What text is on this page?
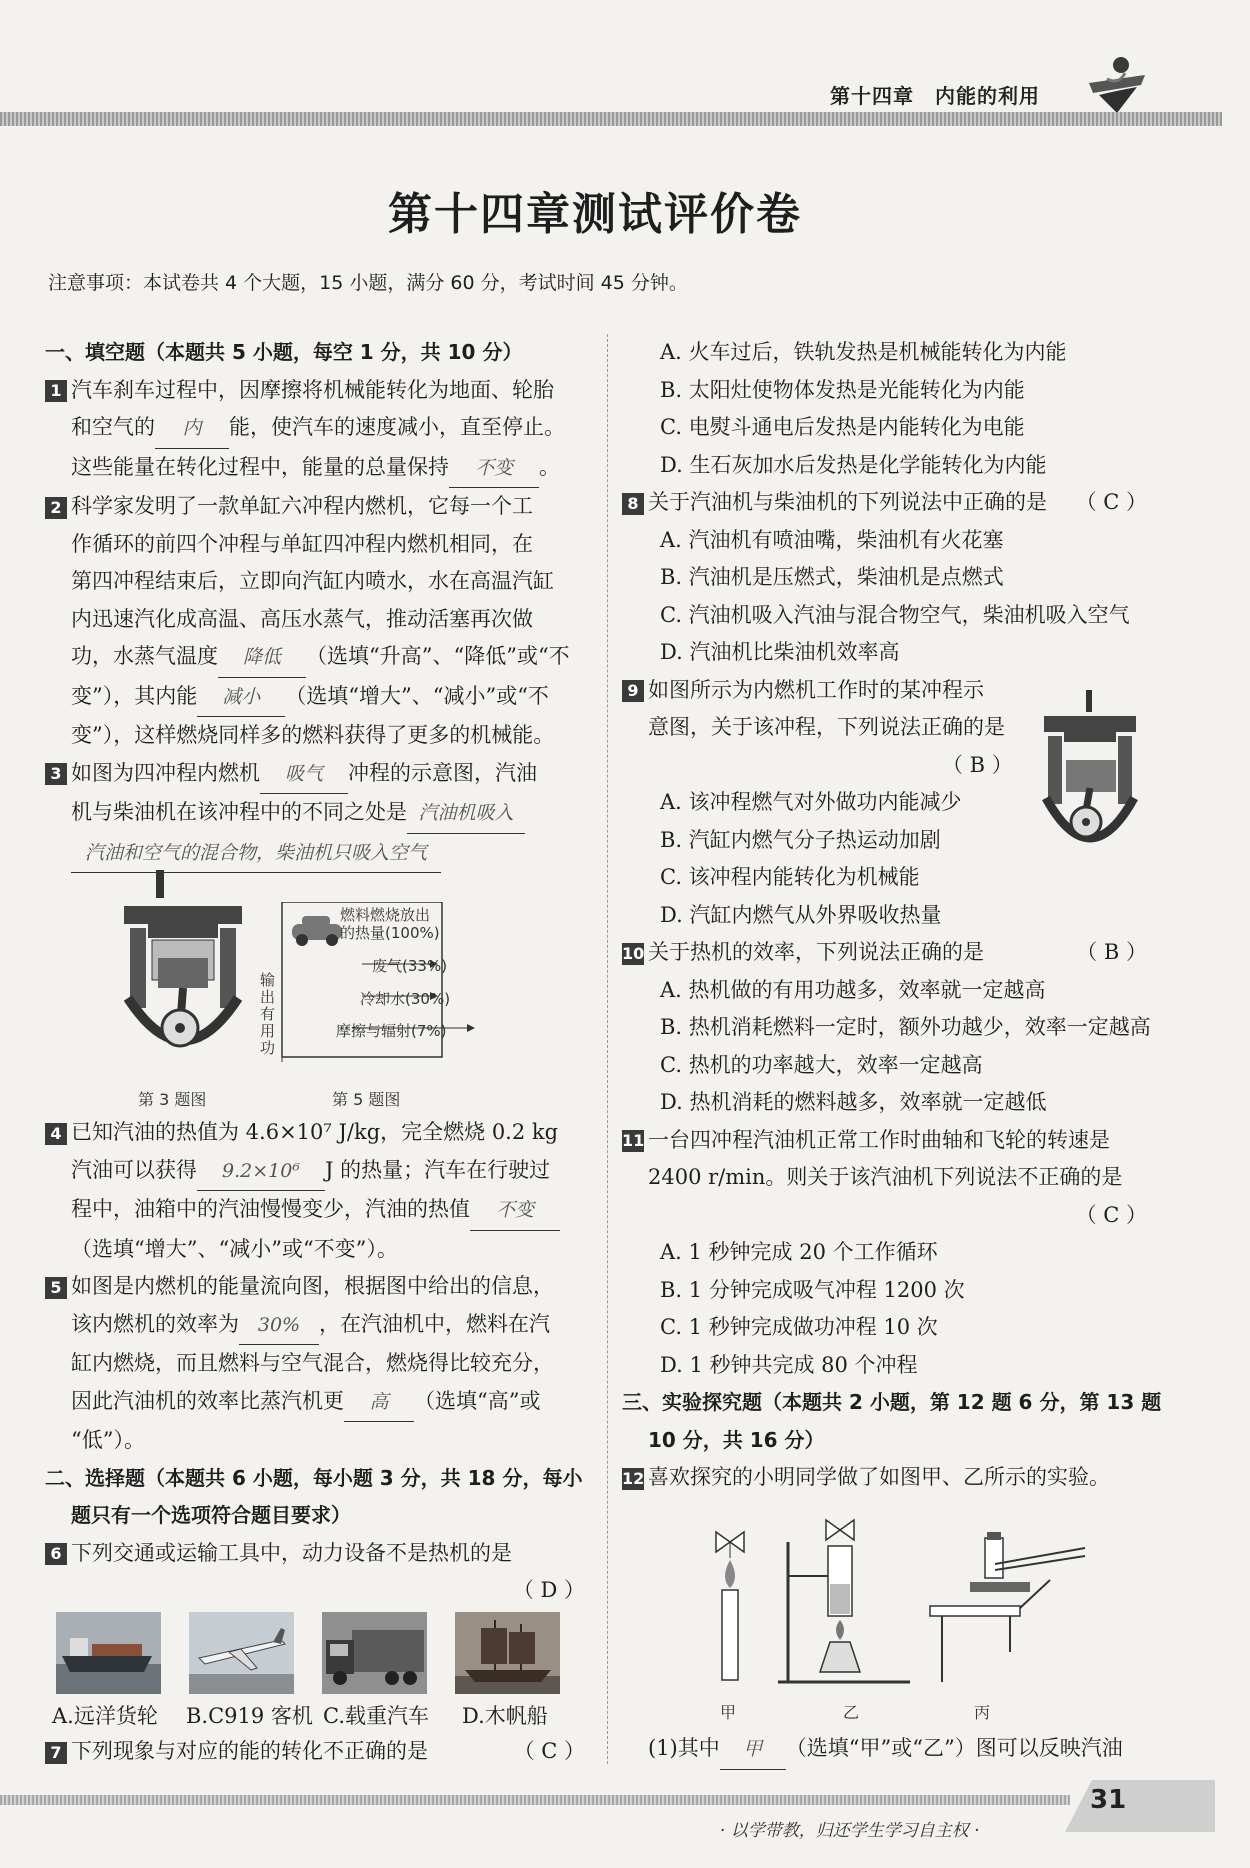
第十四章　内能的利用
第十四章测试评价卷
注意事项：本试卷共 4 个大题，15 小题，满分 60 分，考试时间 45 分钟。

一、填空题（本题共 5 小题，每空 1 分，共 10 分）

1 汽车刹车过程中，因摩擦将机械能转化为地面、轮胎

和空气的 内 能，使汽车的速度减小，直至停止。

这些能量在转化过程中，能量的总量保持 不变 。

2 科学家发明了一款单缸六冲程内燃机，它每一个工

作循环的前四个冲程与单缸四冲程内燃机相同，在

第四冲程结束后，立即向汽缸内喷水，水在高温汽缸

内迅速汽化成高温、高压水蒸气，推动活塞再次做

功，水蒸气温度 降低 （选填“升高”、“降低”或“不

变”），其内能 减小 （选填“增大”、“减小”或“不

变”），这样燃烧同样多的燃料获得了更多的机械能。

3 如图为四冲程内燃机 吸气 冲程的示意图，汽油

机与柴油机在该冲程中的不同之处是 汽油机吸入

汽油和空气的混合物，柴油机只吸入空气

燃料燃烧放出
的热量(100%)
废气(33%)
冷却水(30%)
摩擦与辐射(7%)
输出有用功
第 3 题图	第 5 题图

4 已知汽油的热值为 4.6×10⁷ J/kg，完全燃烧 0.2 kg

汽油可以获得 9.2×10⁶ J 的热量；汽车在行驶过

程中，油箱中的汽油慢慢变少，汽油的热值 不变

（选填“增大”、“减小”或“不变”）。

5 如图是内燃机的能量流向图，根据图中给出的信息，

该内燃机的效率为 30% ，在汽油机中，燃料在汽

缸内燃烧，而且燃料与空气混合，燃烧得比较充分，

因此汽油机的效率比蒸汽机更 高 （选填“高”或

“低”）。

二、选择题（本题共 6 小题，每小题 3 分，共 18 分，每小

题只有一个选项符合题目要求）

6 下列交通或运输工具中，动力设备不是热机的是

（ D ）

A.远洋货轮 B.C919 客机 C.载重汽车 D.木帆船

7 下列现象与对应的能的转化不正确的是	（ C ）

A. 火车过后，铁轨发热是机械能转化为内能

B. 太阳灶使物体发热是光能转化为内能

C. 电熨斗通电后发热是内能转化为电能

D. 生石灰加水后发热是化学能转化为内能

8 关于汽油机与柴油机的下列说法中正确的是 （ C ）

A. 汽油机有喷油嘴，柴油机有火花塞

B. 汽油机是压燃式，柴油机是点燃式

C. 汽油机吸入汽油与混合物空气，柴油机吸入空气

D. 汽油机比柴油机效率高

9 如图所示为内燃机工作时的某冲程示

意图，关于该冲程，下列说法正确的是

（ B ）

A. 该冲程燃气对外做功内能减少

B. 汽缸内燃气分子热运动加剧

C. 该冲程内能转化为机械能

D. 汽缸内燃气从外界吸收热量

10 关于热机的效率，下列说法正确的是	（ B ）

A. 热机做的有用功越多，效率就一定越高

B. 热机消耗燃料一定时，额外功越少，效率一定越高

C. 热机的功率越大，效率一定越高

D. 热机消耗的燃料越多，效率就一定越低

11 一台四冲程汽油机正常工作时曲轴和飞轮的转速是

2400 r/min。则关于该汽油机下列说法不正确的是

（ C ）

A. 1 秒钟完成 20 个工作循环

B. 1 分钟完成吸气冲程 1200 次

C. 1 秒钟完成做功冲程 10 次

D. 1 秒钟共完成 80 个冲程

三、实验探究题（本题共 2 小题，第 12 题 6 分，第 13 题

10 分，共 16 分）

12 喜欢探究的小明同学做了如图甲、乙所示的实验。

甲	乙	丙

(1)其中 甲 （选填“甲”或“乙”）图可以反映汽油

· 以学带教，归还学生学习自主权 ·
31
